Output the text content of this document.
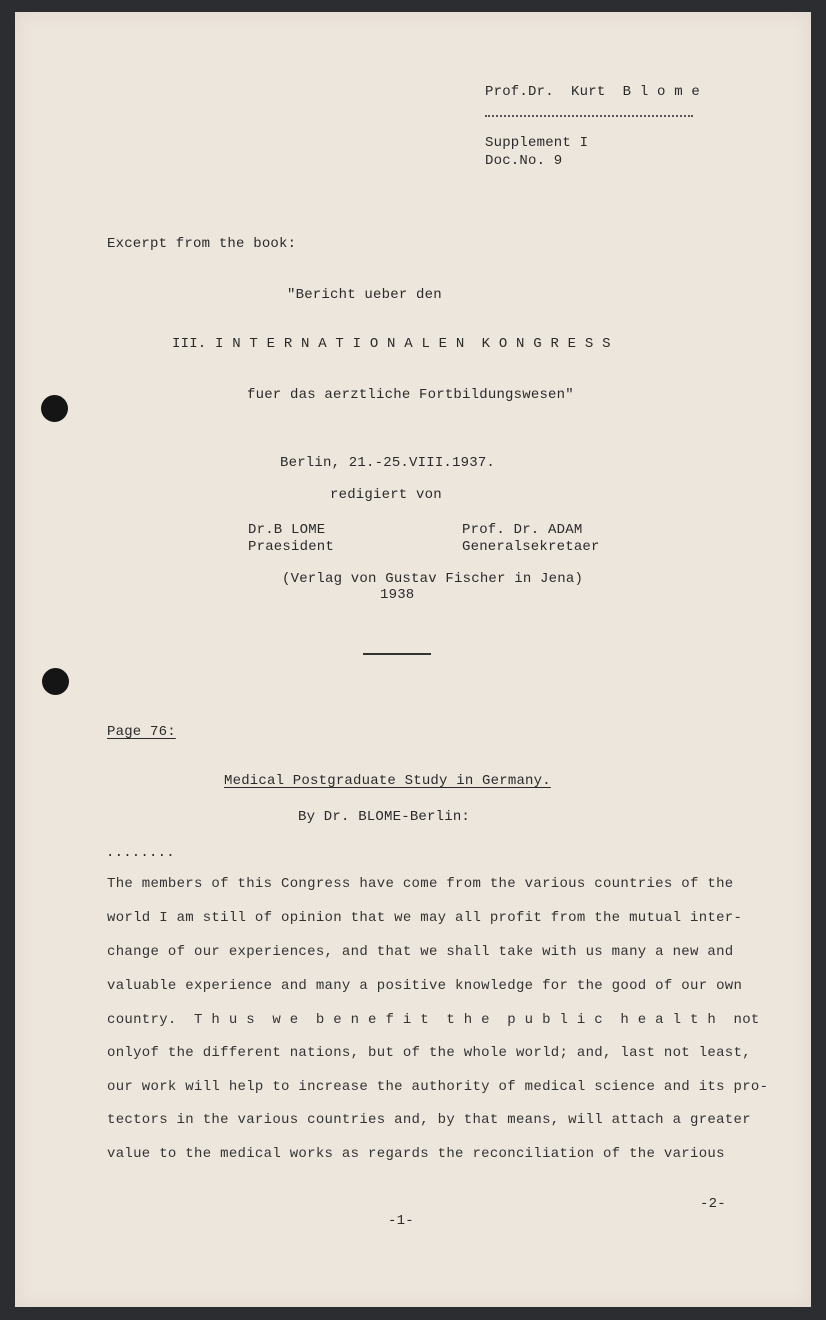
Prof.Dr.  Kurt  B l o m e
Supplement I
Doc.No. 9
Excerpt from the book:
"Bericht ueber den
III. I N T E R N A T I O N A L E N  K O N G R E S S
fuer das aerztliche Fortbildungswesen"
Berlin, 21.-25.VIII.1937.
redigiert von
Dr.B LOME
Praesident
Prof. Dr. ADAM
Generalsekretaer
(Verlag von Gustav Fischer in Jena)
1938
Page 76:
Medical Postgraduate Study in Germany.
By Dr. BLOME-Berlin:
........
The members of this Congress have come from the various countries of the
world I am still of opinion that we may all profit from the mutual inter-
change of our experiences, and that we shall take with us many a new and
valuable experience and many a positive knowledge for the good of our own
country.  T h u s  w e  b e n e f i t  t h e  p u b l i c  h e a l t h  not
onlyof the different nations, but of the whole world; and, last not least,
our work will help to increase the authority of medical science and its pro-
tectors in the various countries and, by that means, will attach a greater
value to the medical works as regards the reconciliation of the various
-1-
-2-
